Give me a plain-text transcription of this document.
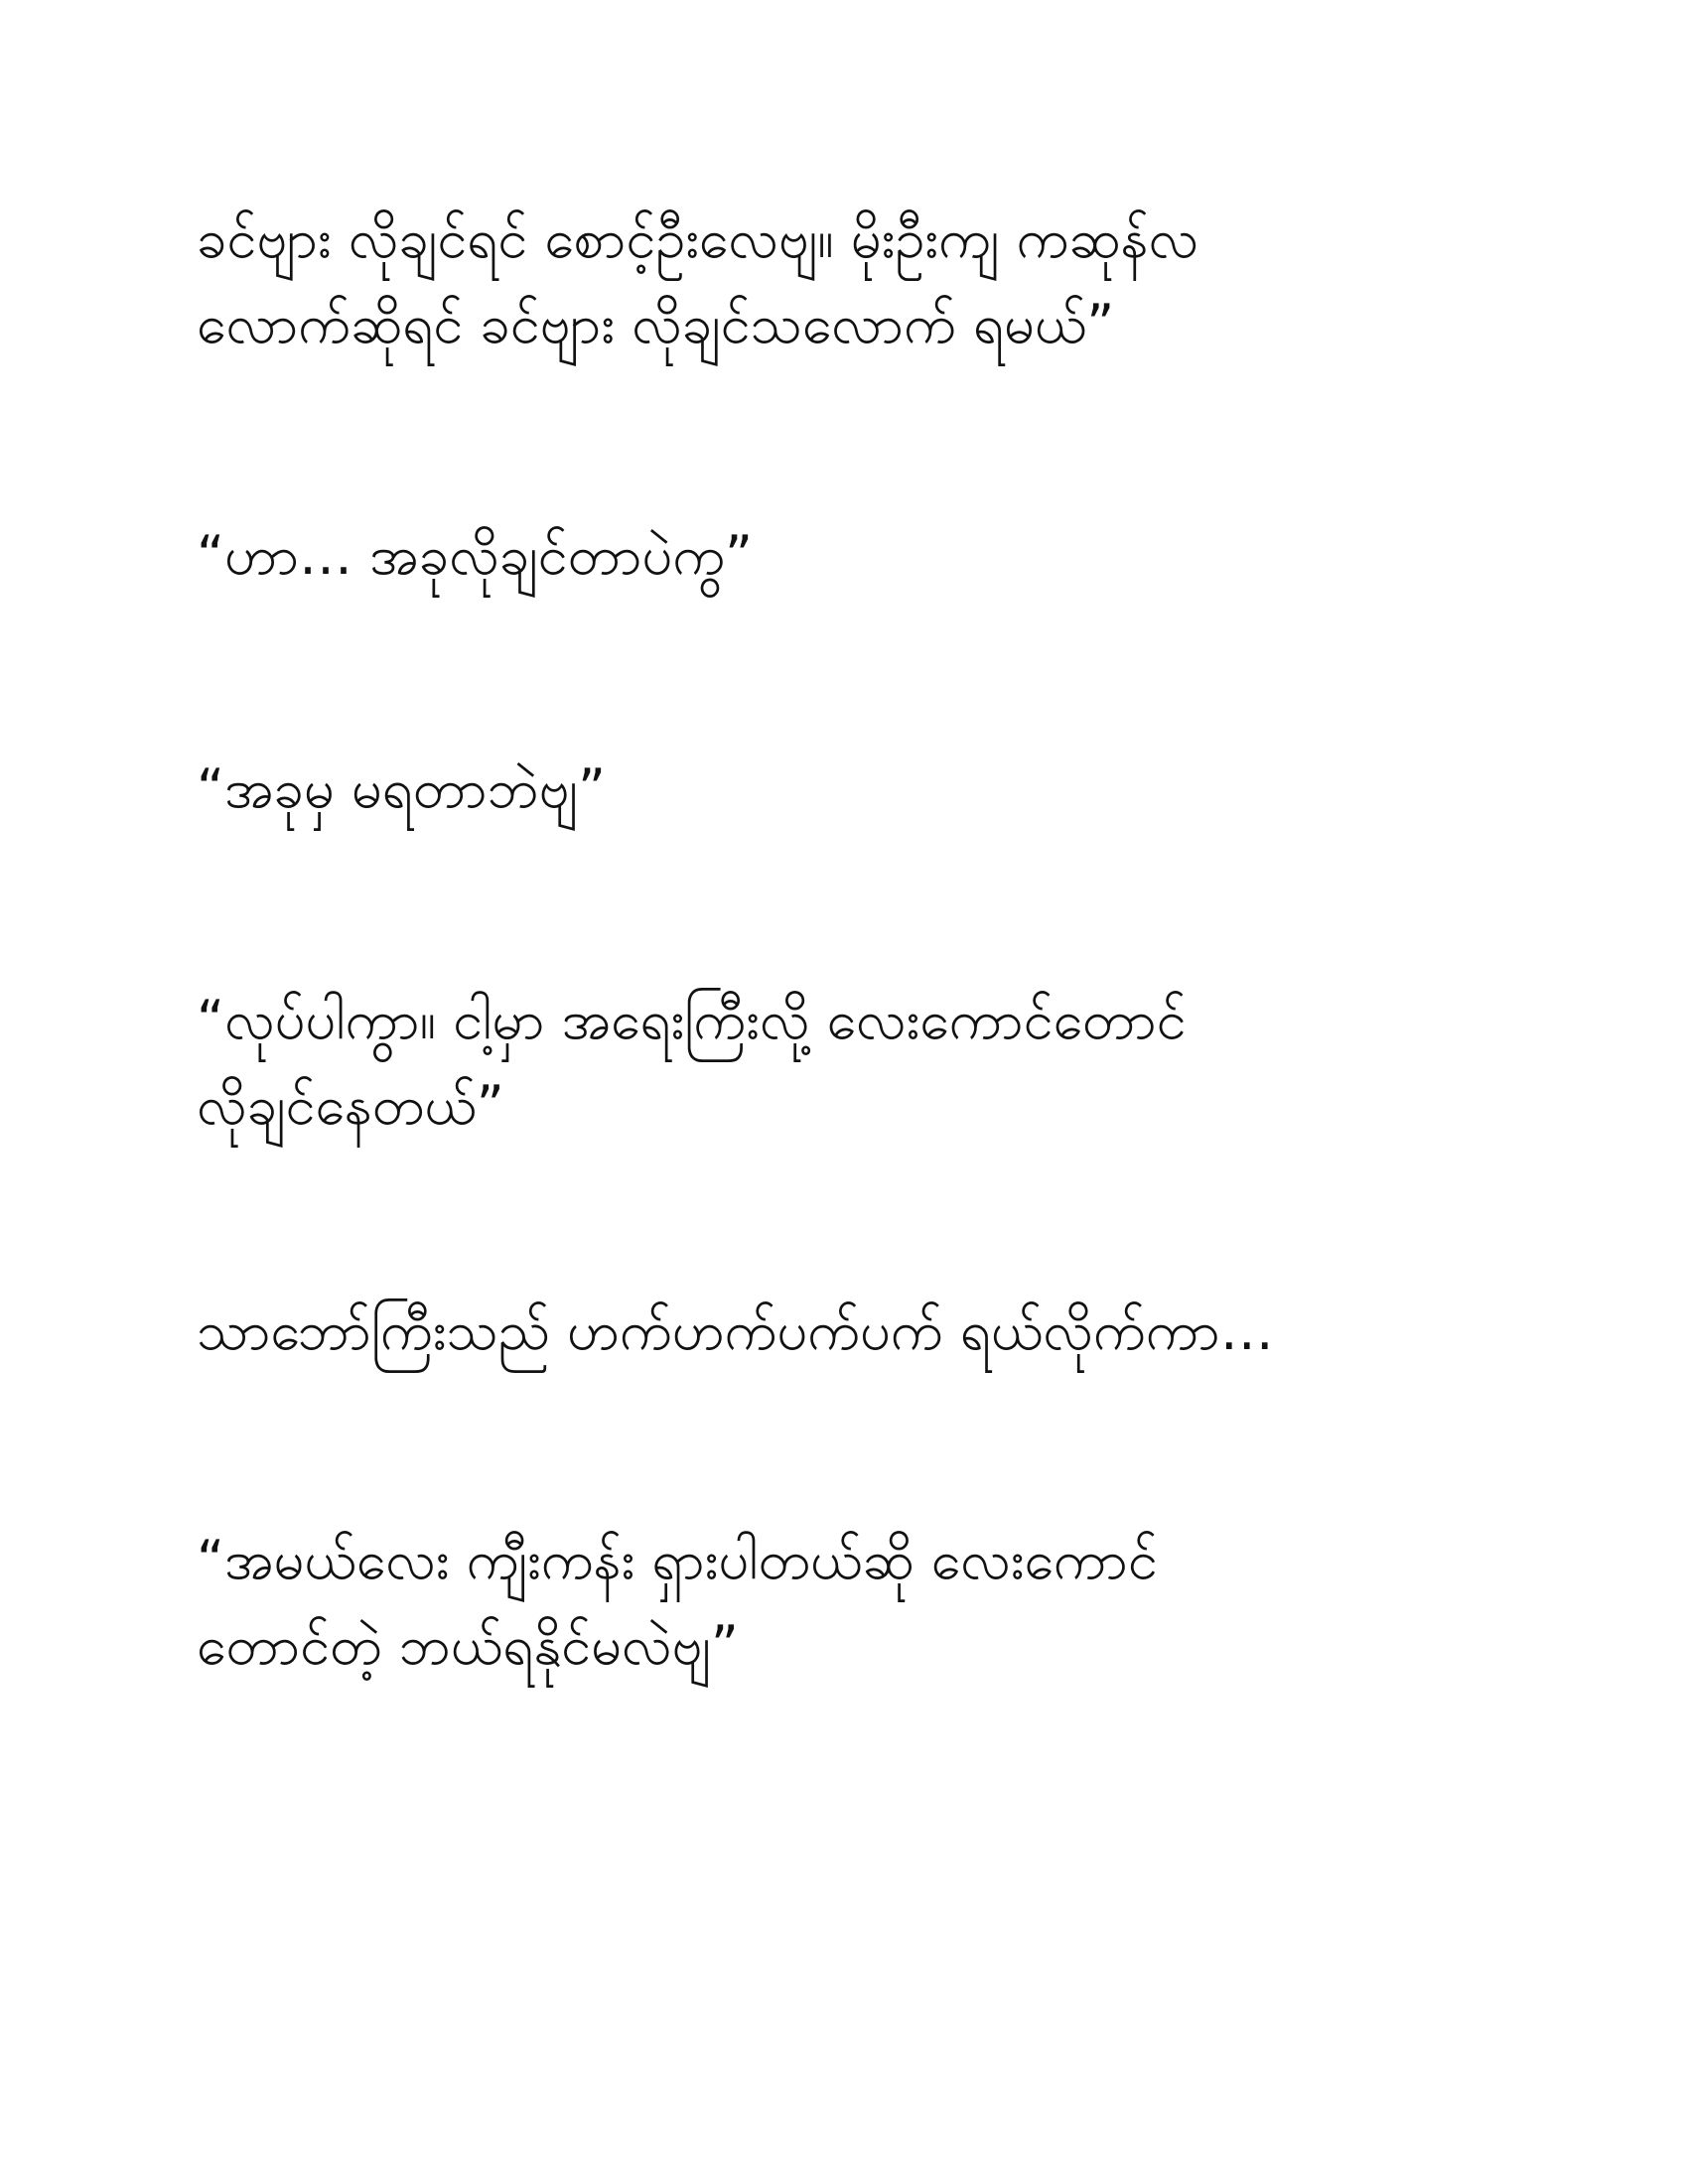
ခင်ဗျား လိုချင်ရင် စောင့်ဦးလေဗျ။ မိုးဦးကျ ကဆုန်လ
လောက်ဆိုရင် ခင်ဗျား လိုချင်သလောက် ရမယ်”
“ဟာ… အခုလိုချင်တာပဲကွ”
“အခုမှ မရတာဘဲဗျ”
“လုပ်ပါကွာ။ ငါ့မှာ အရေးကြီးလို့ လေးကောင်တောင်
လိုချင်နေတယ်”
သာဘော်ကြီးသည် ဟက်ဟက်ပက်ပက် ရယ်လိုက်ကာ…
“အမယ်လေး ကျီးကန်း ရှားပါတယ်ဆို လေးကောင်
တောင်တဲ့ ဘယ်ရနိုင်မလဲဗျ”
